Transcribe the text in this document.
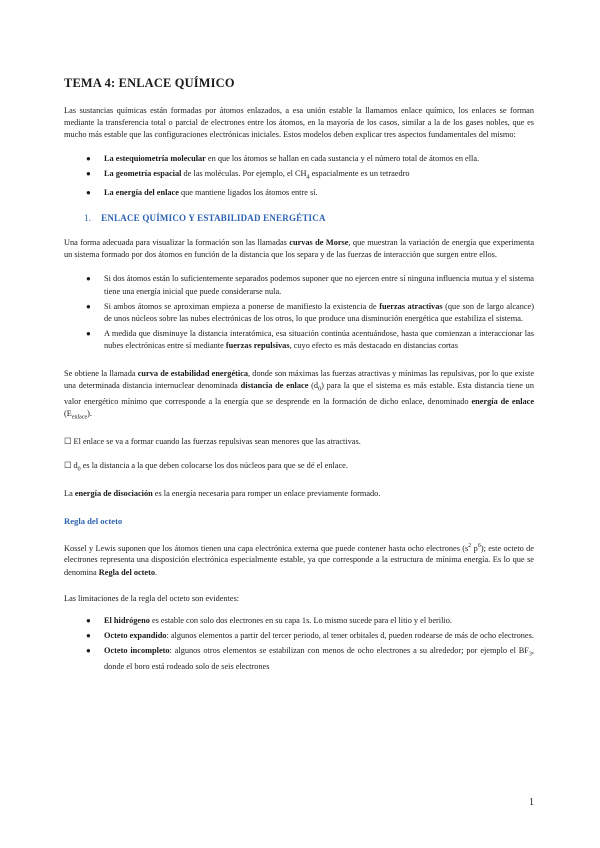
TEMA 4: ENLACE QUÍMICO

Las sustancias químicas están formadas por átomos enlazados, a esa unión estable la llamamos enlace químico, los enlaces se forman mediante la transferencia total o parcial de electrones entre los átomos, en la mayoría de los casos, similar a la de los gases nobles, que es mucho más estable que las configuraciones electrónicas iniciales. Estos modelos deben explicar tres aspectos fundamentales del mismo:

● La estequiometría molecular en que los átomos se hallan en cada sustancia y el número total de átomos en ella.
● La geometría espacial de las moléculas. Por ejemplo, el $CH_4$ espacialmente es un tetraedro
● La energía del enlace que mantiene ligados los átomos entre sí.
1. ENLACE QUÍMICO Y ESTABILIDAD ENERGÉTICA

Una forma adecuada para visualizar la formación son las llamadas curvas de Morse, que muestran la variación de energía que experimenta un sistema formado por dos átomos en función de la distancia que los separa y de las fuerzas de interacción que surgen entre ellos.

● Si dos átomos están lo suficientemente separados podemos suponer que no ejercen entre sí ninguna influencia mutua y el sistema tiene una energía inicial que puede considerarse nula.
● Si ambos átomos se aproximan empieza a ponerse de manifiesto la existencia de fuerzas atractivas (que son de largo alcance) de unos núcleos sobre las nubes electrónicas de los otros, lo que produce una disminución energética que estabiliza el sistema.
● A medida que disminuye la distancia interatómica, esa situación continúa acentuándose, hasta que comienzan a interaccionar las nubes electrónicas entre sí mediante fuerzas repulsivas, cuyo efecto es más destacado en distancias cortas

Se obtiene la llamada curva de estabilidad energética, donde son máximas las fuerzas atractivas y mínimas las repulsivas, por lo que existe una determinada distancia internuclear denominada distancia de enlace $(d_0)$ para la que el sistema es más estable. Esta distancia tiene un valor energético mínimo que corresponde a la energía que se desprende en la formación de dicho enlace, denominado energía de enlace $(E_{enlace})$.

☐ El enlace se va a formar cuando las fuerzas repulsivas sean menores que las atractivas.

☐ $d_0$ es la distancia a la que deben colocarse los dos núcleos para que se dé el enlace.

La energía de disociación es la energía necesaria para romper un enlace previamente formado.

Regla del octeto

Kossel y Lewis suponen que los átomos tienen una capa electrónica externa que puede contener hasta ocho electrones ($s^2$ $p^6$); este octeto de electrones representa una disposición electrónica especialmente estable, ya que corresponde a la estructura de mínima energía. Es lo que se denomina Regla del octeto.

Las limitaciones de la regla del octeto son evidentes:

● El hidrógeno es estable con solo dos electrones en su capa 1s. Lo mismo sucede para el litio y el berilio.
● Octeto expandido: algunos elementos a partir del tercer periodo, al tener orbitales d, pueden rodearse de más de ocho electrones.
● Octeto incompleto: algunos otros elementos se estabilizan con menos de ocho electrones a su alrededor; por ejemplo el $BF_3$, donde el boro está rodeado solo de seis electrones
1
